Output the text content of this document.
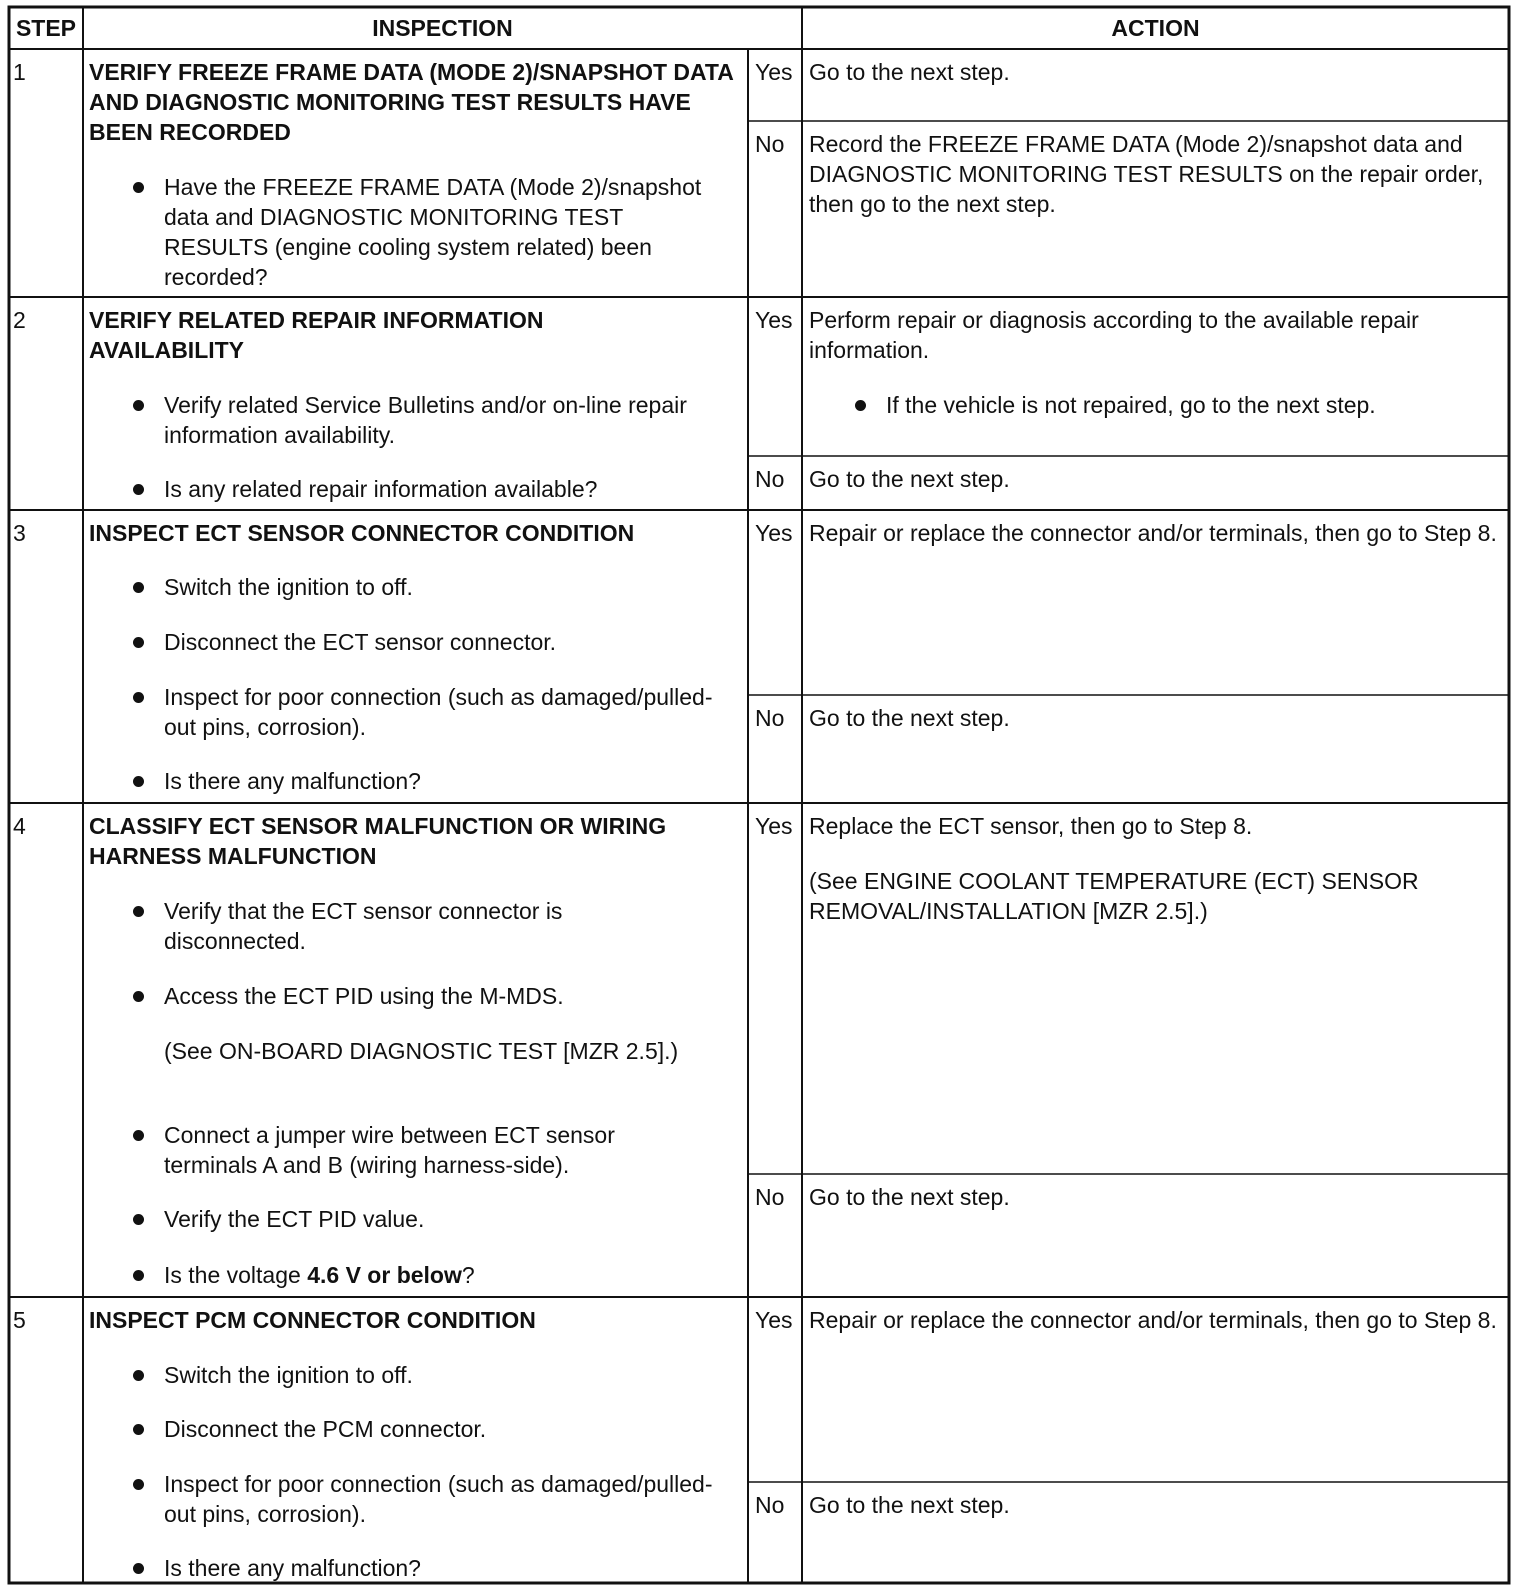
STEP	INSPECTION	ACTION
1	VERIFY FREEZE FRAME DATA (MODE 2)/SNAPSHOT DATA AND DIAGNOSTIC MONITORING TEST RESULTS HAVE BEEN RECORDED
Have the FREEZE FRAME DATA (Mode 2)/snapshot data and DIAGNOSTIC MONITORING TEST RESULTS (engine cooling system related) been recorded?
Yes Go to the next step.
No Record the FREEZE FRAME DATA (Mode 2)/snapshot data and DIAGNOSTIC MONITORING TEST RESULTS on the repair order, then go to the next step.
2	VERIFY RELATED REPAIR INFORMATION AVAILABILITY
Verify related Service Bulletins and/or on-line repair information availability.
Is any related repair information available?
Yes Perform repair or diagnosis according to the available repair information.
If the vehicle is not repaired, go to the next step.
No Go to the next step.
3	INSPECT ECT SENSOR CONNECTOR CONDITION
Switch the ignition to off.
Disconnect the ECT sensor connector.
Inspect for poor connection (such as damaged/pulled-out pins, corrosion).
Is there any malfunction?
Yes Repair or replace the connector and/or terminals, then go to Step 8.
No Go to the next step.
4	CLASSIFY ECT SENSOR MALFUNCTION OR WIRING HARNESS MALFUNCTION
Verify that the ECT sensor connector is disconnected.
Access the ECT PID using the M-MDS.
(See ON-BOARD DIAGNOSTIC TEST [MZR 2.5].)
Connect a jumper wire between ECT sensor terminals A and B (wiring harness-side).
Verify the ECT PID value.
Is the voltage 4.6 V or below?
Yes Replace the ECT sensor, then go to Step 8.
(See ENGINE COOLANT TEMPERATURE (ECT) SENSOR REMOVAL/INSTALLATION [MZR 2.5].)
No Go to the next step.
5	INSPECT PCM CONNECTOR CONDITION
Switch the ignition to off.
Disconnect the PCM connector.
Inspect for poor connection (such as damaged/pulled-out pins, corrosion).
Is there any malfunction?
Yes Repair or replace the connector and/or terminals, then go to Step 8.
No Go to the next step.
